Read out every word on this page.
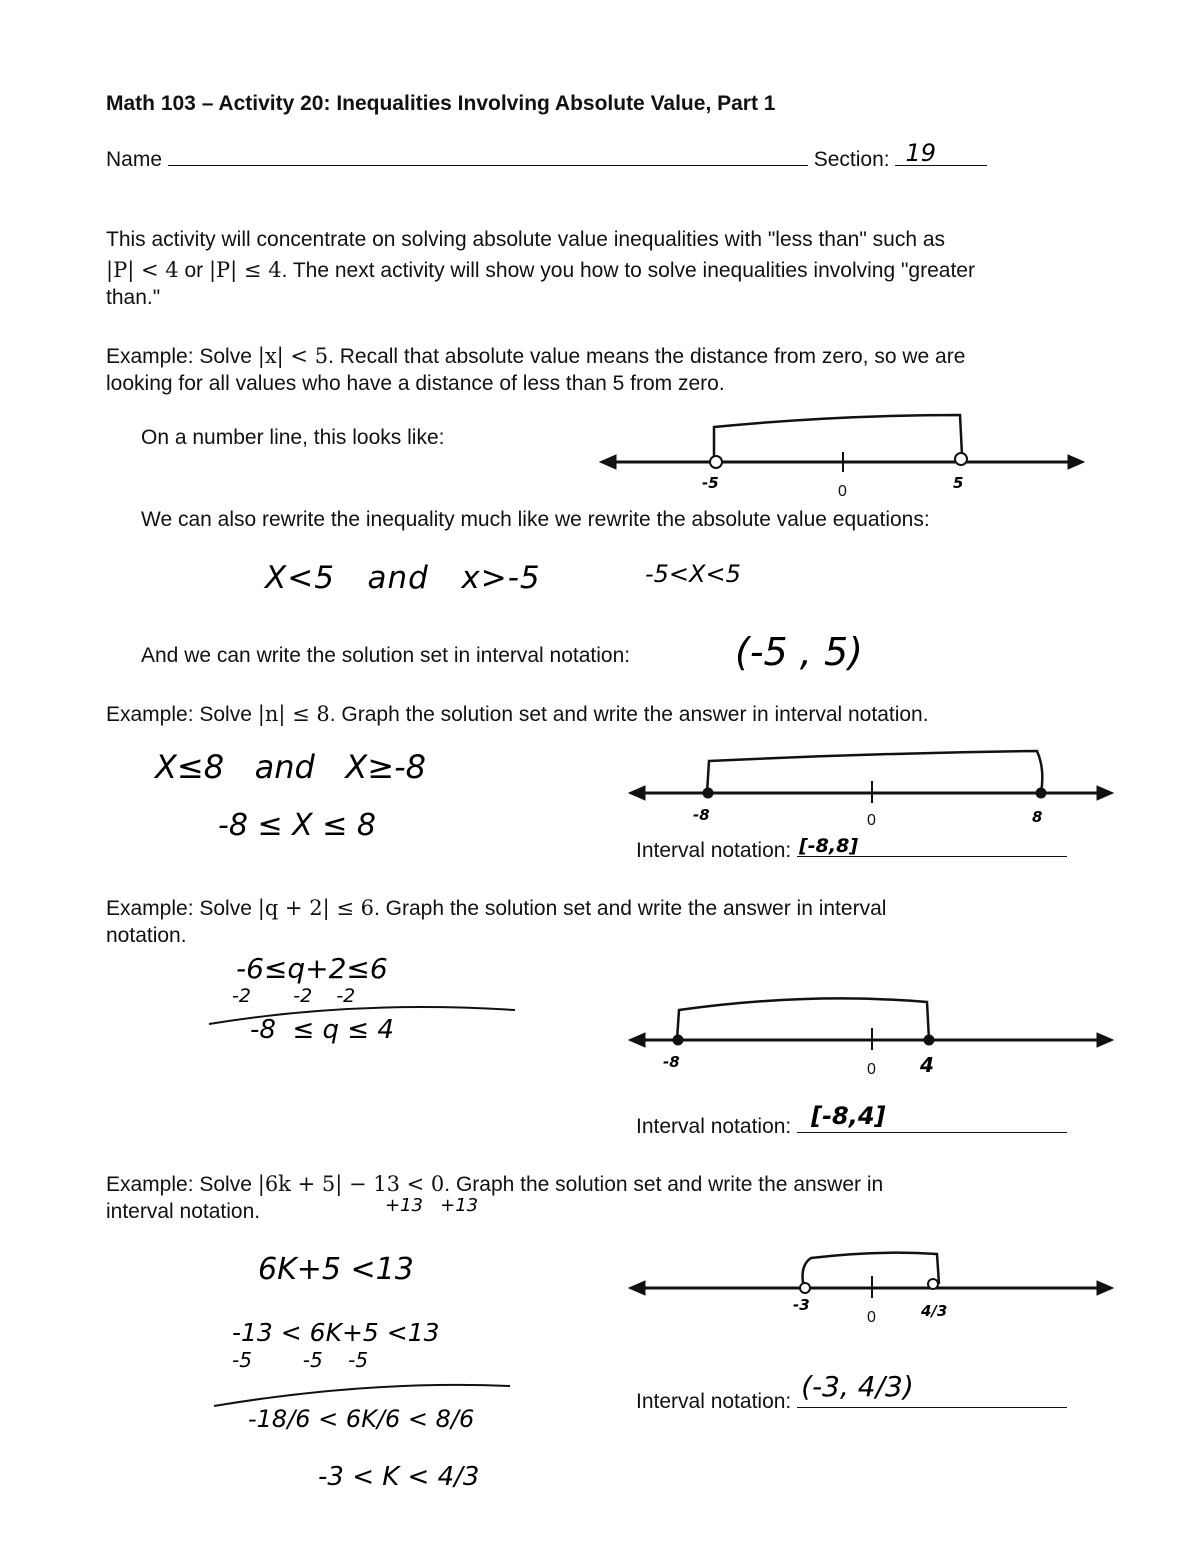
Math 103 – Activity 20: Inequalities Involving Absolute Value, Part 1
Name	Section: 19
This activity will concentrate on solving absolute value inequalities with "less than" such as
|P| < 4 or |P| ≤ 4. The next activity will show you how to solve inequalities involving "greater
than."
Example: Solve |x| < 5. Recall that absolute value means the distance from zero, so we are
looking for all values who have a distance of less than 5 from zero.
On a number line, this looks like:
-5	0	5
We can also rewrite the inequality much like we rewrite the absolute value equations:
X<5   and   x>-5	-5<X<5
And we can write the solution set in interval notation:	(-5 , 5)
Example: Solve |n| ≤ 8. Graph the solution set and write the answer in interval notation.
X≤8   and   X≥-8
-8 ≤ X ≤ 8	-8	0	8
Interval notation: [-8,8]
Example: Solve |q + 2| ≤ 6. Graph the solution set and write the answer in interval
notation.
-6≤q+2≤6
-2       -2    -2
-8  ≤ q ≤ 4
-8	0 4
Interval notation: [-8,4]
Example: Solve |6k + 5| − 13 < 0. Graph the solution set and write the answer in
interval notation.	+13   +13
6K+5 <13
-13 < 6K+5 <13
-5        -5    -5
-18/6 < 6K/6 < 8/6
-3 < K < 4/3
-3
0	4/3
Interval notation: (-3, 4/3)
